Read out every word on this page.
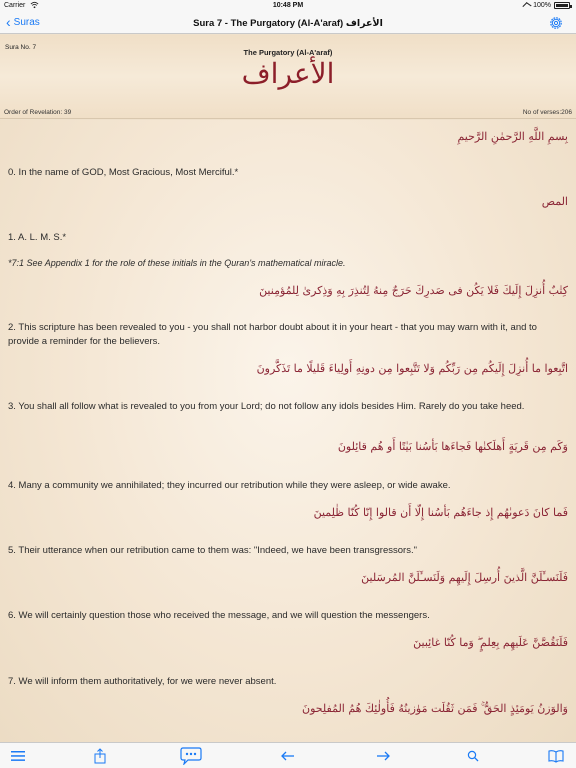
Carrier	10:48 PM	100%
‹ Suras	Sura 7 - The Purgatory (Al-A'araf) الأعراف
Sura No. 7
The Purgatory (Al-A'araf)
الأعراف
Order of Revelation: 39	No of verses:206
بِسمِ اللَّهِ الرَّحمٰنِ الرَّحيمِ
0. In the name of GOD, Most Gracious, Most Merciful.*
المص
1. A. L. M. S.*
*7:1 See Appendix 1 for the role of these initials in the Quran's mathematical miracle.
كِتٰبٌ أُنزِلَ إِلَيكَ فَلا يَكُن فى صَدرِكَ حَرَجٌ مِنهُ لِتُنذِرَ بِهِ وَذِكرىٰ لِلمُؤمِنينَ
2. This scripture has been revealed to you - you shall not harbor doubt about it in your heart - that you may warn with it, and to provide a reminder for the believers.
اتَّبِعوا ما أُنزِلَ إِلَيكُم مِن رَبِّكُم وَلا تَتَّبِعوا مِن دونِهِ أَولِياءَ قَليلًا ما تَذَكَّرونَ
3. You shall all follow what is revealed to you from your Lord; do not follow any idols besides Him. Rarely do you take heed.
وَكَم مِن قَريَةٍ أَهلَكنٰها فَجاءَها بَأسُنا بَيٰتًا أَو هُم قائِلونَ
4. Many a community we annihilated; they incurred our retribution while they were asleep, or wide awake.
فَما كانَ دَعوىٰهُم إِذ جاءَهُم بَأسُنا إِلّا أَن قالوا إِنّا كُنّا ظٰلِمينَ
5. Their utterance when our retribution came to them was: "Indeed, we have been transgressors."
فَلَنَسـَٔلَنَّ الَّذينَ أُرسِلَ إِلَيهِم وَلَنَسـَٔلَنَّ المُرسَلينَ
6. We will certainly question those who received the message, and we will question the messengers.
فَلَنَقُصَّنَّ عَلَيهِم بِعِلمٍ ۖ وَما كُنّا غائِبينَ
7. We will inform them authoritatively, for we were never absent.
وَالوَزنُ يَومَئِذٍ الحَقُّ ۚ فَمَن ثَقُلَت مَوٰزينُهُ فَأُولٰئِكَ هُمُ المُفلِحونَ
